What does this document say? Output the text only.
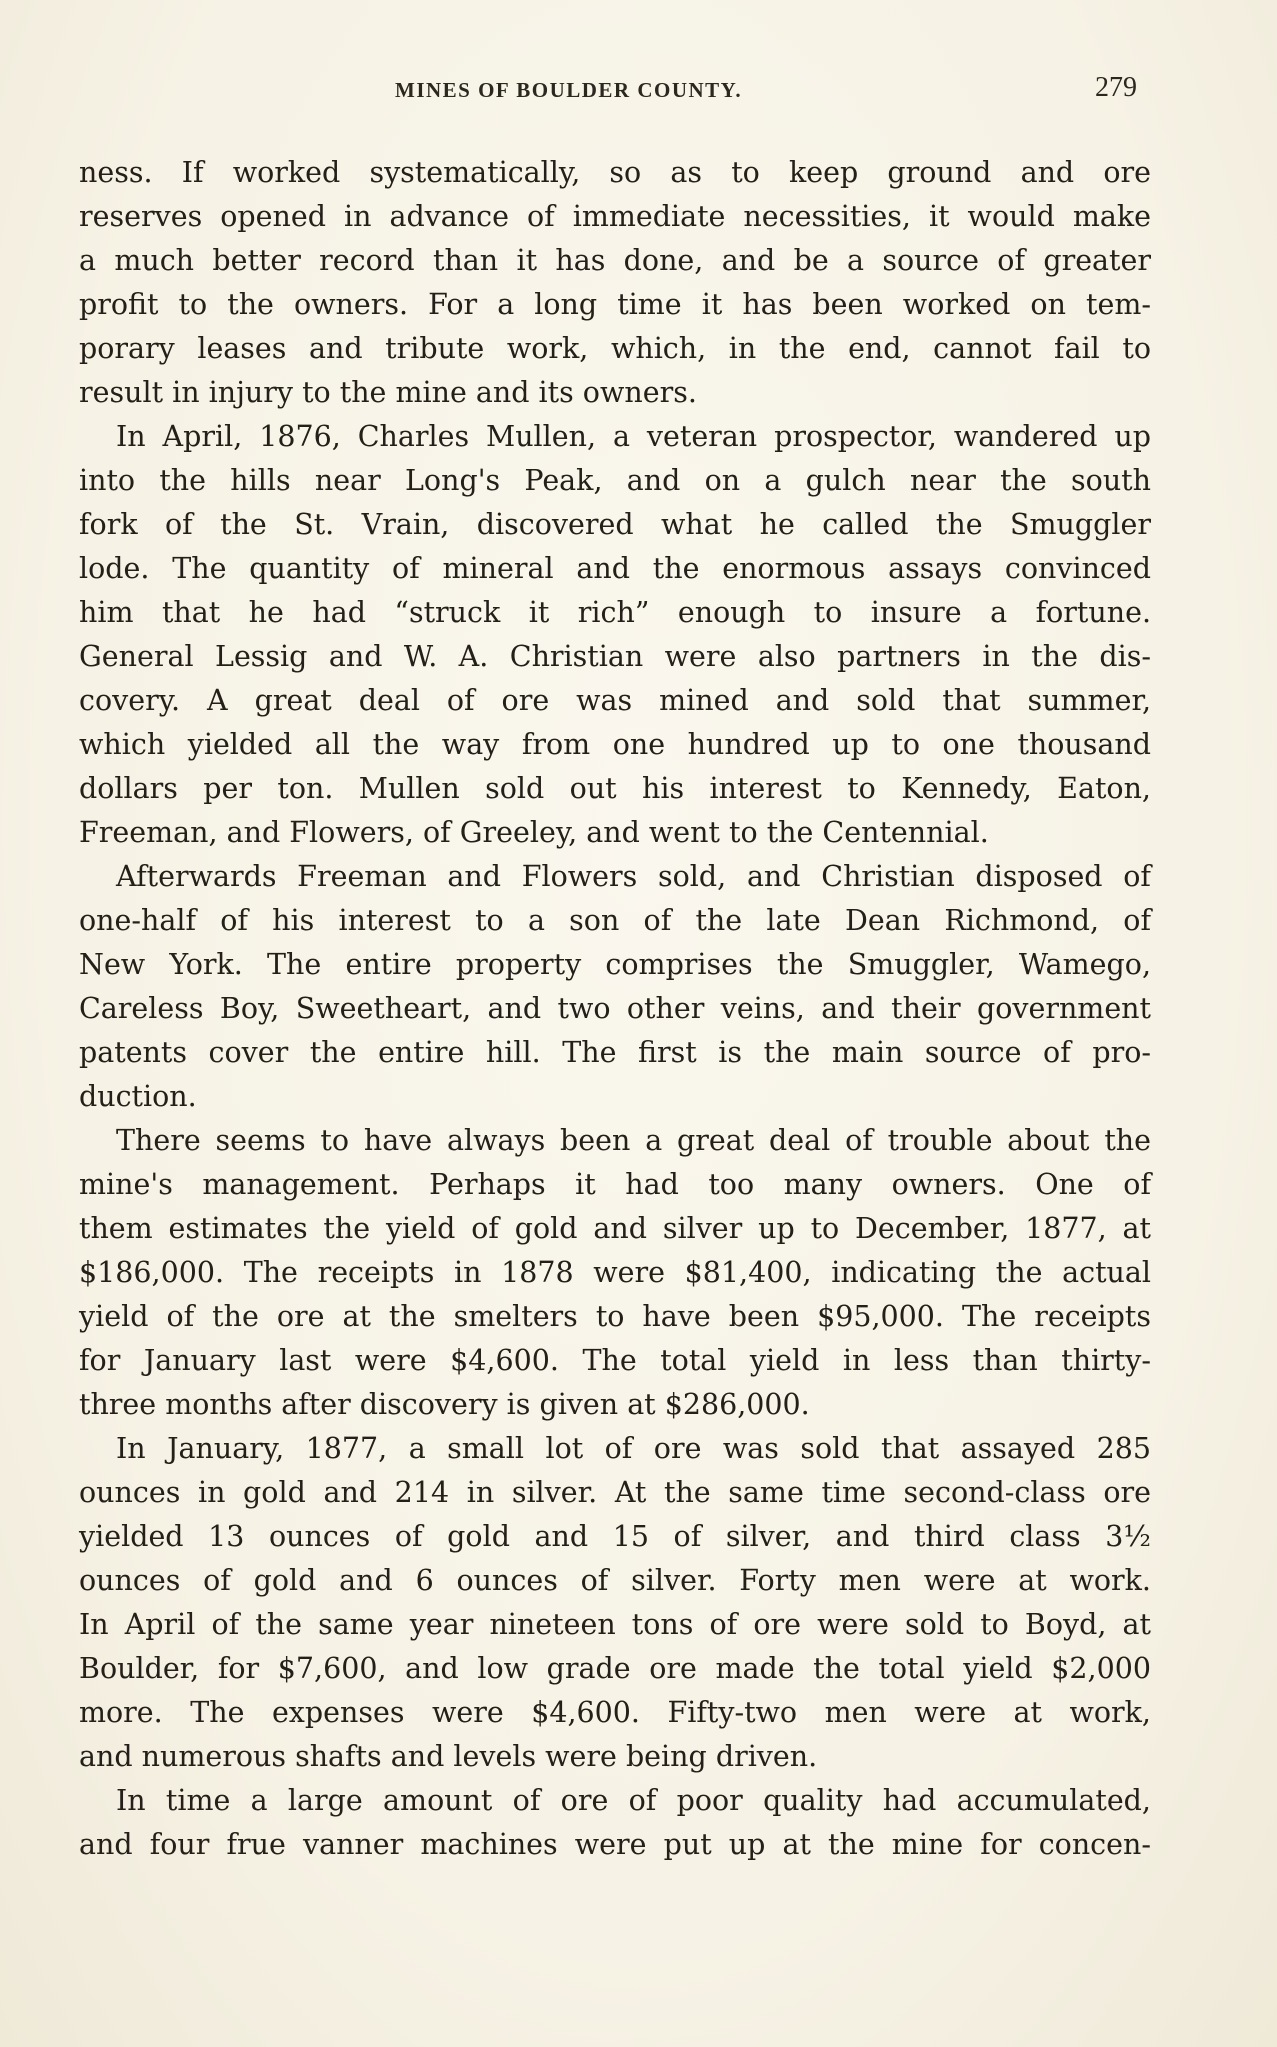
MINES OF BOULDER COUNTY.	279
ness. If worked systematically, so as to keep ground and ore
reserves opened in advance of immediate necessities, it would make
a much better record than it has done, and be a source of greater
profit to the owners. For a long time it has been worked on tem-
porary leases and tribute work, which, in the end, cannot fail to
result in injury to the mine and its owners.
In April, 1876, Charles Mullen, a veteran prospector, wandered up
into the hills near Long's Peak, and on a gulch near the south
fork of the St. Vrain, discovered what he called the Smuggler
lode. The quantity of mineral and the enormous assays convinced
him that he had “struck it rich” enough to insure a fortune.
General Lessig and W. A. Christian were also partners in the dis-
covery. A great deal of ore was mined and sold that summer,
which yielded all the way from one hundred up to one thousand
dollars per ton. Mullen sold out his interest to Kennedy, Eaton,
Freeman, and Flowers, of Greeley, and went to the Centennial.
Afterwards Freeman and Flowers sold, and Christian disposed of
one-half of his interest to a son of the late Dean Richmond, of
New York. The entire property comprises the Smuggler, Wamego,
Careless Boy, Sweetheart, and two other veins, and their government
patents cover the entire hill. The first is the main source of pro-
duction.
There seems to have always been a great deal of trouble about the
mine's management. Perhaps it had too many owners. One of
them estimates the yield of gold and silver up to December, 1877, at
$186,000. The receipts in 1878 were $81,400, indicating the actual
yield of the ore at the smelters to have been $95,000. The receipts
for January last were $4,600. The total yield in less than thirty-
three months after discovery is given at $286,000.
In January, 1877, a small lot of ore was sold that assayed 285
ounces in gold and 214 in silver. At the same time second-class ore
yielded 13 ounces of gold and 15 of silver, and third class 3½
ounces of gold and 6 ounces of silver. Forty men were at work.
In April of the same year nineteen tons of ore were sold to Boyd, at
Boulder, for $7,600, and low grade ore made the total yield $2,000
more. The expenses were $4,600. Fifty-two men were at work,
and numerous shafts and levels were being driven.
In time a large amount of ore of poor quality had accumulated,
and four frue vanner machines were put up at the mine for concen-
